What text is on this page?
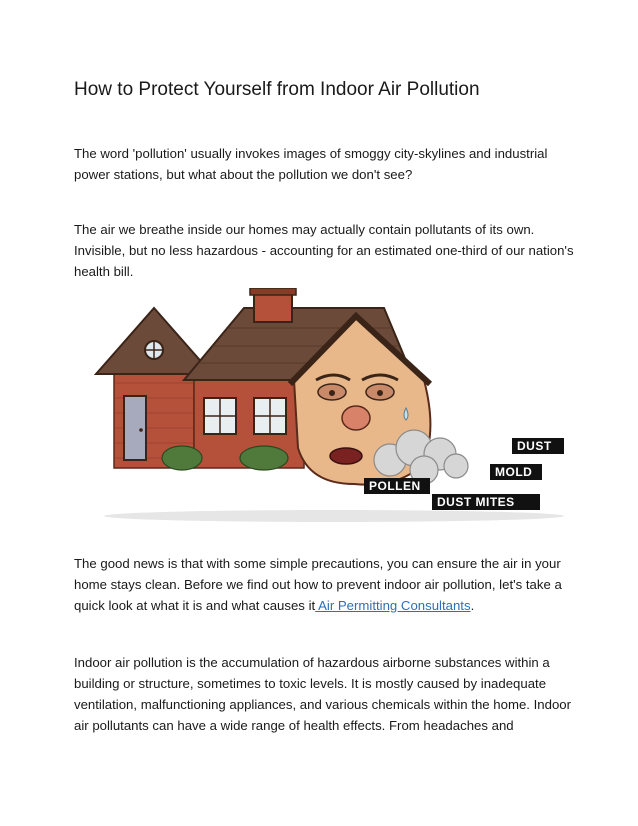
How to Protect Yourself from Indoor Air Pollution

The word 'pollution' usually invokes images of smoggy city-skylines and industrial power stations, but what about the pollution we don't see?

The air we breathe inside our homes may actually contain pollutants of its own. Invisible, but no less hazardous - accounting for an estimated one-third of our nation's health bill.

DUST
MOLD
POLLEN
DUST MITES

The good news is that with some simple precautions, you can ensure the air in your home stays clean. Before we find out how to prevent indoor air pollution, let's take a quick look at what it is and what causes it Air Permitting Consultants.

Indoor air pollution is the accumulation of hazardous airborne substances within a building or structure, sometimes to toxic levels. It is mostly caused by inadequate ventilation, malfunctioning appliances, and various chemicals within the home. Indoor air pollutants can have a wide range of health effects. From headaches and
